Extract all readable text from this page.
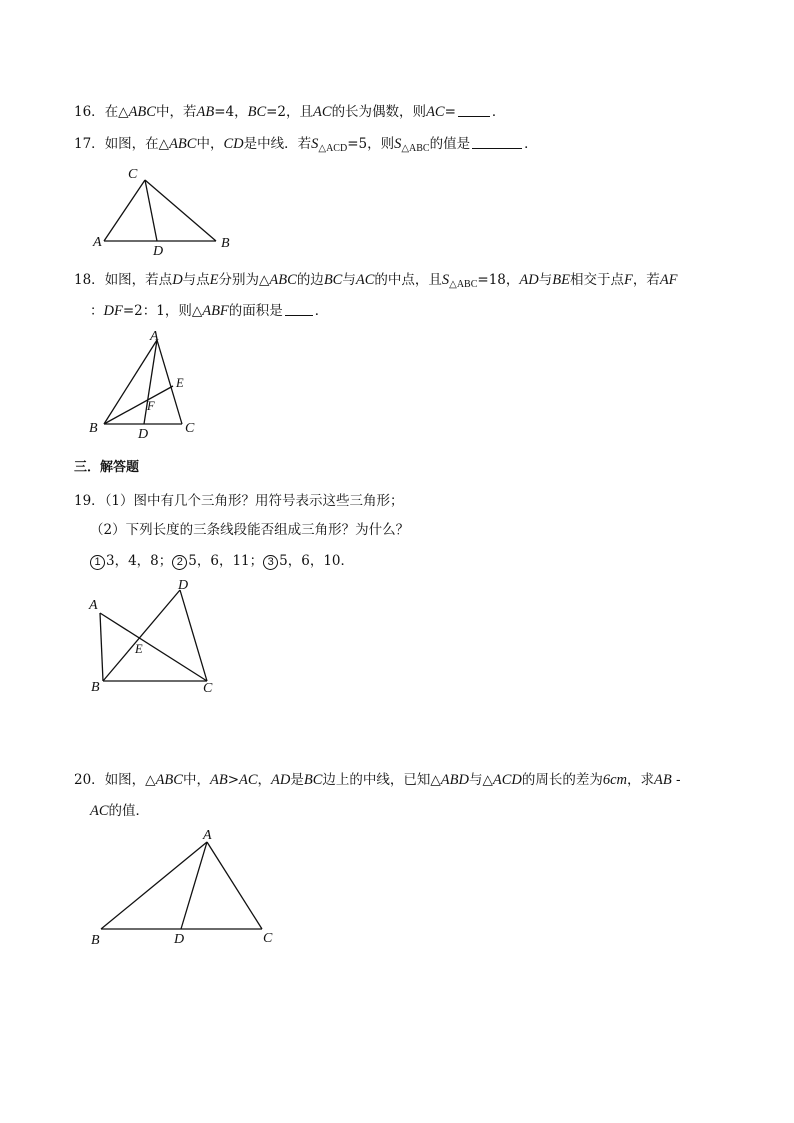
16．在△ABC中，若AB=4，BC=2，且AC的长为偶数，则AC=	．
17．如图，在△ABC中，CD是中线．若$S_{\triangle ACD}=5$，则$S_{\triangle ABC}$的值是	．
C
A
D
B
18．如图，若点D与点E分别为△ABC的边BC与AC的中点，且$S_{\triangle ABC}=18$，AD与BE相交于点F，若AF
：DF=2：1，则△ABF的面积是 ．
A
E
F
B	D	C
三．解答题
19．（1）图中有几个三角形？用符号表示这些三角形；
（2）下列长度的三条线段能否组成三角形？为什么？
1 3，4，8； 2 5，6，11； 3 5，6，10．
D
A
E
B	C
20．如图，△ABC中，AB>AC，AD是BC边上的中线，已知△ABD与△ACD的周长的差为6cm，求AB -
AC的值．
A
B	D	C
